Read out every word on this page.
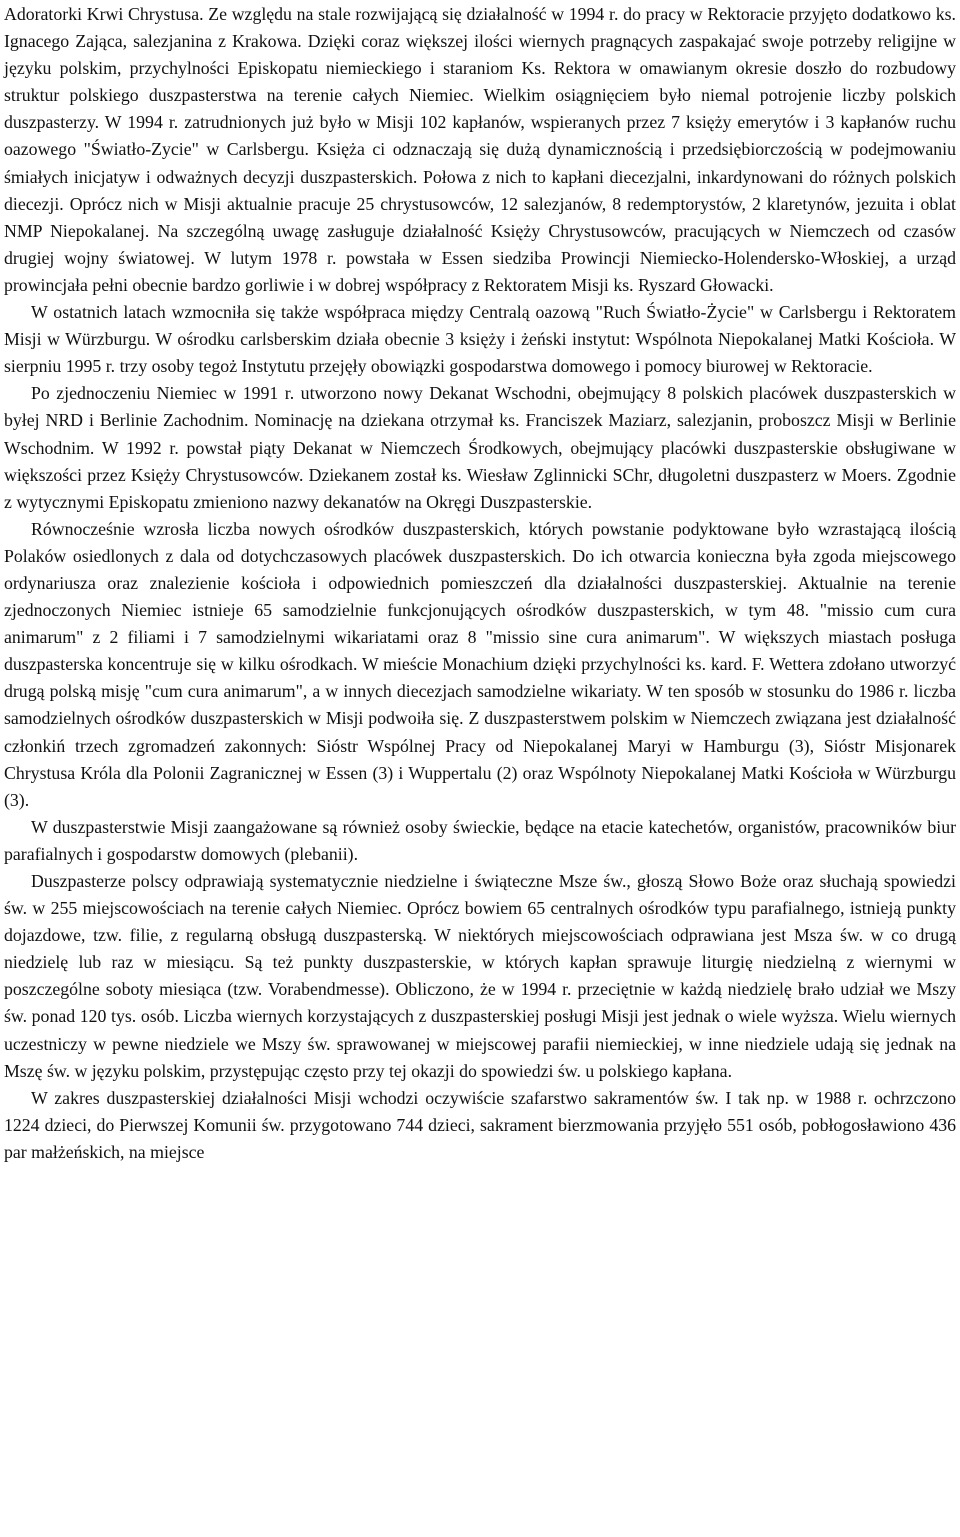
Adoratorki Krwi Chrystusa. Ze względu na stale rozwijającą się działalność w 1994 r. do pracy w Rektoracie przyjęto dodatkowo ks. Ignacego Zająca, salezjanina z Krakowa. Dzięki coraz większej ilości wiernych pragnących zaspakajać swoje potrzeby religijne w języku polskim, przychylności Episkopatu niemieckiego i staraniom Ks. Rektora w omawianym okresie doszło do rozbudowy struktur polskiego duszpasterstwa na terenie całych Niemiec. Wielkim osiągnięciem było niemal potrojenie liczby polskich duszpasterzy. W 1994 r. zatrudnionych już było w Misji 102 kapłanów, wspieranych przez 7 księży emerytów i 3 kapłanów ruchu oazowego "Światło-Zycie" w Carlsbergu. Księża ci odznaczają się dużą dynamicznością i przedsiębiorczością w podejmowaniu śmiałych inicjatyw i odważnych decyzji duszpasterskich. Połowa z nich to kapłani diecezjalni, inkardynowani do różnych polskich diecezji. Oprócz nich w Misji aktualnie pracuje 25 chrystusowców, 12 salezjanów, 8 redemptorystów, 2 klaretynów, jezuita i oblat NMP Niepokalanej. Na szczególną uwagę zasługuje działalność Księży Chrystusowców, pracujących w Niemczech od czasów drugiej wojny światowej. W lutym 1978 r. powstała w Essen siedziba Prowincji Niemiecko-Holendersko-Włoskiej, a urząd prowincjała pełni obecnie bardzo gorliwie i w dobrej współpracy z Rektoratem Misji ks. Ryszard Głowacki.

W ostatnich latach wzmocniła się także współpraca między Centralą oazową "Ruch Światło-Życie" w Carlsbergu i Rektoratem Misji w Würzburgu. W ośrodku carlsberskim działa obecnie 3 księży i żeński instytut: Wspólnota Niepokalanej Matki Kościoła. W sierpniu 1995 r. trzy osoby tegoż Instytutu przejęły obowiązki gospodarstwa domowego i pomocy biurowej w Rektoracie.

Po zjednoczeniu Niemiec w 1991 r. utworzono nowy Dekanat Wschodni, obejmujący 8 polskich placówek duszpasterskich w byłej NRD i Berlinie Zachodnim. Nominację na dziekana otrzymał ks. Franciszek Maziarz, salezjanin, proboszcz Misji w Berlinie Wschodnim. W 1992 r. powstał piąty Dekanat w Niemczech Środkowych, obejmujący placówki duszpasterskie obsługiwane w większości przez Księży Chrystusowców. Dziekanem został ks. Wiesław Zglinnicki SChr, długoletni duszpasterz w Moers. Zgodnie z wytycznymi Episkopatu zmieniono nazwy dekanatów na Okręgi Duszpasterskie.

Równocześnie wzrosła liczba nowych ośrodków duszpasterskich, których powstanie podyktowane było wzrastającą ilością Polaków osiedlonych z dala od dotychczasowych placówek duszpasterskich. Do ich otwarcia konieczna była zgoda miejscowego ordynariusza oraz znalezienie kościoła i odpowiednich pomieszczeń dla działalności duszpasterskiej. Aktualnie na terenie zjednoczonych Niemiec istnieje 65 samodzielnie funkcjonujących ośrodków duszpasterskich, w tym 48. "missio cum cura animarum" z 2 filiami i 7 samodzielnymi wikariatami oraz 8 "missio sine cura animarum". W większych miastach posługa duszpasterska koncentruje się w kilku ośrodkach. W mieście Monachium dzięki przychylności ks. kard. F. Wettera zdołano utworzyć drugą polską misję "cum cura animarum", a w innych diecezjach samodzielne wikariaty. W ten sposób w stosunku do 1986 r. liczba samodzielnych ośrodków duszpasterskich w Misji podwoiła się. Z duszpasterstwem polskim w Niemczech związana jest działalność członkiń trzech zgromadzeń zakonnych: Sióstr Wspólnej Pracy od Niepokalanej Maryi w Hamburgu (3), Sióstr Misjonarek Chrystusa Króla dla Polonii Zagranicznej w Essen (3) i Wuppertalu (2) oraz Wspólnoty Niepokalanej Matki Kościoła w Würzburgu (3).

W duszpasterstwie Misji zaangażowane są również osoby świeckie, będące na etacie katechetów, organistów, pracowników biur parafialnych i gospodarstw domowych (plebanii).

Duszpasterze polscy odprawiają systematycznie niedzielne i świąteczne Msze św., głoszą Słowo Boże oraz słuchają spowiedzi św. w 255 miejscowościach na terenie całych Niemiec. Oprócz bowiem 65 centralnych ośrodków typu parafialnego, istnieją punkty dojazdowe, tzw. filie, z regularną obsługą duszpasterską. W niektórych miejscowościach odprawiana jest Msza św. w co drugą niedzielę lub raz w miesiącu. Są też punkty duszpasterskie, w których kapłan sprawuje liturgię niedzielną z wiernymi w poszczególne soboty miesiąca (tzw. Vorabendmesse). Obliczono, że w 1994 r. przeciętnie w każdą niedzielę brało udział we Mszy św. ponad 120 tys. osób. Liczba wiernych korzystających z duszpasterskiej posługi Misji jest jednak o wiele wyższa. Wielu wiernych uczestniczy w pewne niedziele we Mszy św. sprawowanej w miejscowej parafii niemieckiej, w inne niedziele udają się jednak na Mszę św. w języku polskim, przystępując często przy tej okazji do spowiedzi św. u polskiego kapłana.

W zakres duszpasterskiej działalności Misji wchodzi oczywiście szafarstwo sakramentów św. I tak np. w 1988 r. ochrzczono 1224 dzieci, do Pierwszej Komunii św. przygotowano 744 dzieci, sakrament bierzmowania przyjęło 551 osób, pobłogosławiono 436 par małżeńskich, na miejsce
